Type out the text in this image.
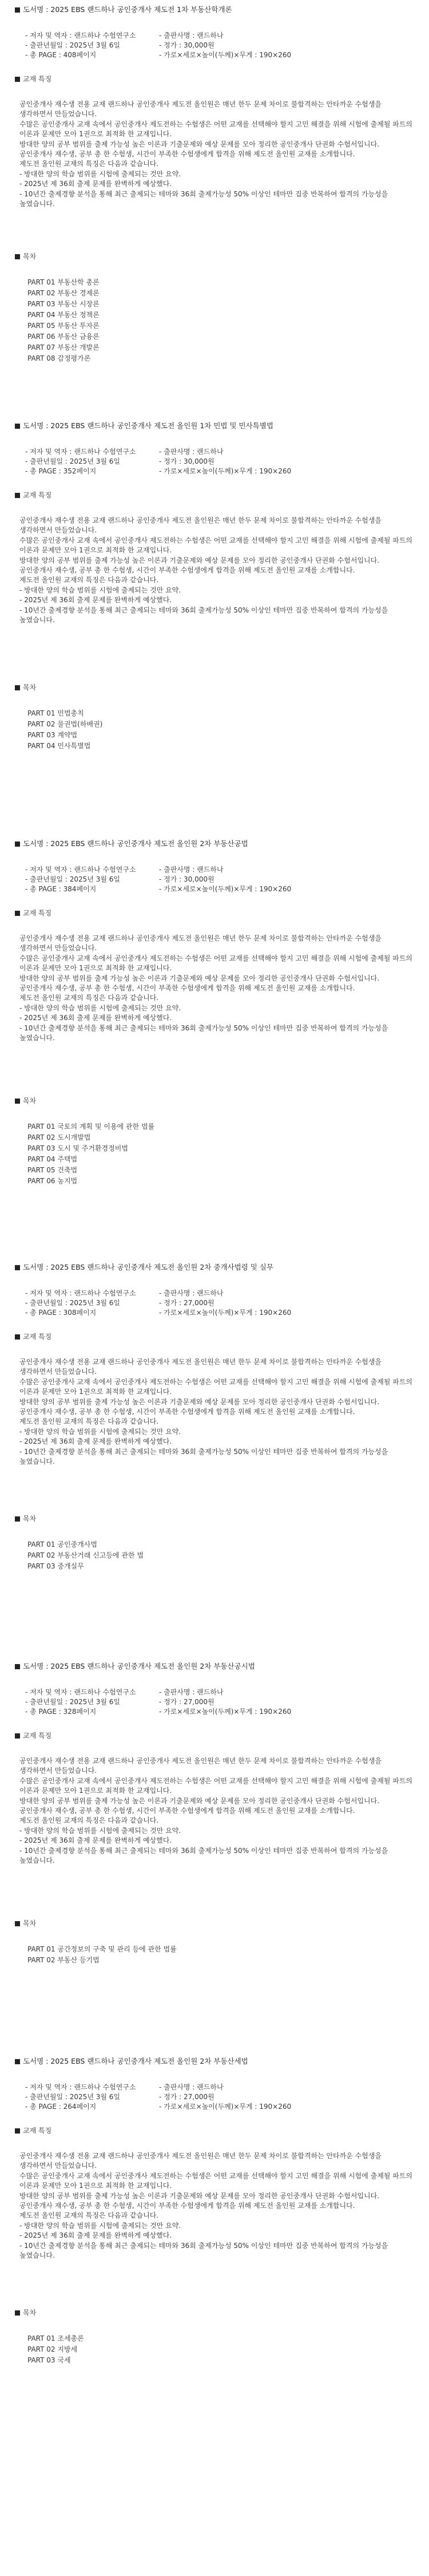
도서명 : 2025 EBS 랜드하나 공인중개사 제도전 1차 부동산학개론
- 저자 및 역자 : 랜드하나 수험연구소
- 출판년월일 : 2025년 3월 6일
- 총 PAGE : 408페이지
- 출판사명 : 랜드하나
- 정가 : 30,000원
- 가로×세로×높이(두께)×무게 : 190×260
교재 특징

공인중개사 재수생 전용 교재 랜드하나 공인중개사 제도전 올인원은 매년 한두 문제 차이로 불합격하는 안타까운 수험생을 생각하면서 만들었습니다.

수많은 공인중개사 교재 속에서 공인중개사 제도전하는 수험생은 어떤 교재를 선택해야 할지 고민 해결을 위해 시험에 출제될 파트의 이론과 문제만 모아 1권으로 최적화 한 교재입니다.

방대한 양의 공부 범위를 출제 가능성 높은 이론과 기출문제와 예상 문제를 모아 정리한 공인중개사 단권화 수험서입니다.

공인중개사 재수생, 공부 총 한 수험생, 시간이 부족한 수험생에게 합격을 위해 제도전 올인원 교재를 소개합니다.

제도전 올인원 교재의 특징은 다음과 같습니다.

- 방대한 양의 학습 범위를 시험에 출제되는 것만 요약.

- 2025년 제 36회 출제 문제를 완벽하게 예상했다.

- 10년간 출제경향 분석을 통해 최근 출제되는 테마와 36회 출제가능성 50% 이상인 테마만 집중 반복하여 합격의 가능성을 높였습니다.

목차
PART 01 부동산학 총론
PART 02 부동산 경제론
PART 03 부동산 시장론
PART 04 부동산 정책론
PART 05 부동산 투자론
PART 06 부동산 금융론
PART 07 부동산 개발론
PART 08 감정평가론
도서명 : 2025 EBS 랜드하나 공인중개사 제도전 올인원 1차 민법 및 민사특별법
- 저자 및 역자 : 랜드하나 수험연구소
- 출판년월일 : 2025년 3월 6일
- 총 PAGE : 352페이지
- 출판사명 : 랜드하나
- 정가 : 30,000원
- 가로×세로×높이(두께)×무게 : 190×260
교재 특징

공인중개사 재수생 전용 교재 랜드하나 공인중개사 제도전 올인원은 매년 한두 문제 차이로 불합격하는 안타까운 수험생을 생각하면서 만들었습니다.

수많은 공인중개사 교재 속에서 공인중개사 제도전하는 수험생은 어떤 교재를 선택해야 할지 고민 해결을 위해 시험에 출제될 파트의 이론과 문제만 모아 1권으로 최적화 한 교재입니다.

방대한 양의 공부 범위를 출제 가능성 높은 이론과 기출문제와 예상 문제를 모아 정리한 공인중개사 단권화 수험서입니다.

공인중개사 재수생, 공부 총 한 수험생, 시간이 부족한 수험생에게 합격을 위해 제도전 올인원 교재를 소개합니다.

제도전 올인원 교재의 특징은 다음과 같습니다.

- 방대한 양의 학습 범위를 시험에 출제되는 것만 요약.

- 2025년 제 36회 출제 문제를 완벽하게 예상했다.

- 10년간 출제경향 분석을 통해 최근 출제되는 테마와 36회 출제가능성 50% 이상인 테마만 집중 반복하여 합격의 가능성을 높였습니다.

목차
PART 01 민법총칙
PART 02 물권법(하배권)
PART 03 계약법
PART 04 민사특별법
도서명 : 2025 EBS 랜드하나 공인중개사 제도전 올인원 2차 부동산공법
- 저자 및 역자 : 랜드하나 수험연구소
- 출판년월일 : 2025년 3월 6일
- 총 PAGE : 384페이지
- 출판사명 : 랜드하나
- 정가 : 30,000원
- 가로×세로×높이(두께)×무게 : 190×260
교재 특징

공인중개사 재수생 전용 교재 랜드하나 공인중개사 제도전 올인원은 매년 한두 문제 차이로 불합격하는 안타까운 수험생을 생각하면서 만들었습니다.

수많은 공인중개사 교재 속에서 공인중개사 제도전하는 수험생은 어떤 교재를 선택해야 할지 고민 해결을 위해 시험에 출제될 파트의 이론과 문제만 모아 1권으로 최적화 한 교재입니다.

방대한 양의 공부 범위를 출제 가능성 높은 이론과 기출문제와 예상 문제를 모아 정리한 공인중개사 단권화 수험서입니다.

공인중개사 재수생, 공부 총 한 수험생, 시간이 부족한 수험생에게 합격을 위해 제도전 올인원 교재를 소개합니다.

제도전 올인원 교재의 특징은 다음과 같습니다.

- 방대한 양의 학습 범위를 시험에 출제되는 것만 요약.

- 2025년 제 36회 출제 문제를 완벽하게 예상했다.

- 10년간 출제경향 분석을 통해 최근 출제되는 테마와 36회 출제가능성 50% 이상인 테마만 집중 반복하여 합격의 가능성을 높였습니다.

목차
PART 01 국토의 계획 및 이용에 관한 법률
PART 02 도시개발법
PART 03 도시 및 주거환경정비법
PART 04 주택법
PART 05 건축법
PART 06 농지법
도서명 : 2025 EBS 랜드하나 공인중개사 제도전 올인원 2차 중개사법령 및 실무
- 저자 및 역자 : 랜드하나 수험연구소
- 출판년월일 : 2025년 3월 6일
- 총 PAGE : 308페이지
- 출판사명 : 랜드하나
- 정가 : 27,000원
- 가로×세로×높이(두께)×무게 : 190×260
교재 특징

공인중개사 재수생 전용 교재 랜드하나 공인중개사 제도전 올인원은 매년 한두 문제 차이로 불합격하는 안타까운 수험생을 생각하면서 만들었습니다.

수많은 공인중개사 교재 속에서 공인중개사 제도전하는 수험생은 어떤 교재를 선택해야 할지 고민 해결을 위해 시험에 출제될 파트의 이론과 문제만 모아 1권으로 최적화 한 교재입니다.

방대한 양의 공부 범위를 출제 가능성 높은 이론과 기출문제와 예상 문제를 모아 정리한 공인중개사 단권화 수험서입니다.

공인중개사 재수생, 공부 총 한 수험생, 시간이 부족한 수험생에게 합격을 위해 제도전 올인원 교재를 소개합니다.

제도전 올인원 교재의 특징은 다음과 같습니다.

- 방대한 양의 학습 범위를 시험에 출제되는 것만 요약.

- 2025년 제 36회 출제 문제를 완벽하게 예상했다.

- 10년간 출제경향 분석을 통해 최근 출제되는 테마와 36회 출제가능성 50% 이상인 테마만 집중 반복하여 합격의 가능성을 높였습니다.

목차
PART 01 공인중개사법
PART 02 부동산거래 신고등에 관한 법
PART 03 중개실무
도서명 : 2025 EBS 랜드하나 공인중개사 제도전 올인원 2차 부동산공시법
- 저자 및 역자 : 랜드하나 수험연구소
- 출판년월일 : 2025년 3월 6일
- 총 PAGE : 328페이지
- 출판사명 : 랜드하나
- 정가 : 27,000원
- 가로×세로×높이(두께)×무게 : 190×260
교재 특징

공인중개사 재수생 전용 교재 랜드하나 공인중개사 제도전 올인원은 매년 한두 문제 차이로 불합격하는 안타까운 수험생을 생각하면서 만들었습니다.

수많은 공인중개사 교재 속에서 공인중개사 제도전하는 수험생은 어떤 교재를 선택해야 할지 고민 해결을 위해 시험에 출제될 파트의 이론과 문제만 모아 1권으로 최적화 한 교재입니다.

방대한 양의 공부 범위를 출제 가능성 높은 이론과 기출문제와 예상 문제를 모아 정리한 공인중개사 단권화 수험서입니다.

공인중개사 재수생, 공부 총 한 수험생, 시간이 부족한 수험생에게 합격을 위해 제도전 올인원 교재를 소개합니다.

제도전 올인원 교재의 특징은 다음과 같습니다.

- 방대한 양의 학습 범위를 시험에 출제되는 것만 요약.

- 2025년 제 36회 출제 문제를 완벽하게 예상했다.

- 10년간 출제경향 분석을 통해 최근 출제되는 테마와 36회 출제가능성 50% 이상인 테마만 집중 반복하여 합격의 가능성을 높였습니다.

목차
PART 01 공간정보의 구축 및 관리 등에 관한 법률
PART 02 부동산 등기법
도서명 : 2025 EBS 랜드하나 공인중개사 제도전 올인원 2차 부동산세법
- 저자 및 역자 : 랜드하나 수험연구소
- 출판년월일 : 2025년 3월 6일
- 총 PAGE : 264페이지
- 출판사명 : 랜드하나
- 정가 : 27,000원
- 가로×세로×높이(두께)×무게 : 190×260
교재 특징

공인중개사 재수생 전용 교재 랜드하나 공인중개사 제도전 올인원은 매년 한두 문제 차이로 불합격하는 안타까운 수험생을 생각하면서 만들었습니다.

수많은 공인중개사 교재 속에서 공인중개사 제도전하는 수험생은 어떤 교재를 선택해야 할지 고민 해결을 위해 시험에 출제될 파트의 이론과 문제만 모아 1권으로 최적화 한 교재입니다.

방대한 양의 공부 범위를 출제 가능성 높은 이론과 기출문제와 예상 문제를 모아 정리한 공인중개사 단권화 수험서입니다.

공인중개사 재수생, 공부 총 한 수험생, 시간이 부족한 수험생에게 합격을 위해 제도전 올인원 교재를 소개합니다.

제도전 올인원 교재의 특징은 다음과 같습니다.

- 방대한 양의 학습 범위를 시험에 출제되는 것만 요약.

- 2025년 제 36회 출제 문제를 완벽하게 예상했다.

- 10년간 출제경향 분석을 통해 최근 출제되는 테마와 36회 출제가능성 50% 이상인 테마만 집중 반복하여 합격의 가능성을 높였습니다.

목차
PART 01 조세총론
PART 02 지방세
PART 03 국세
